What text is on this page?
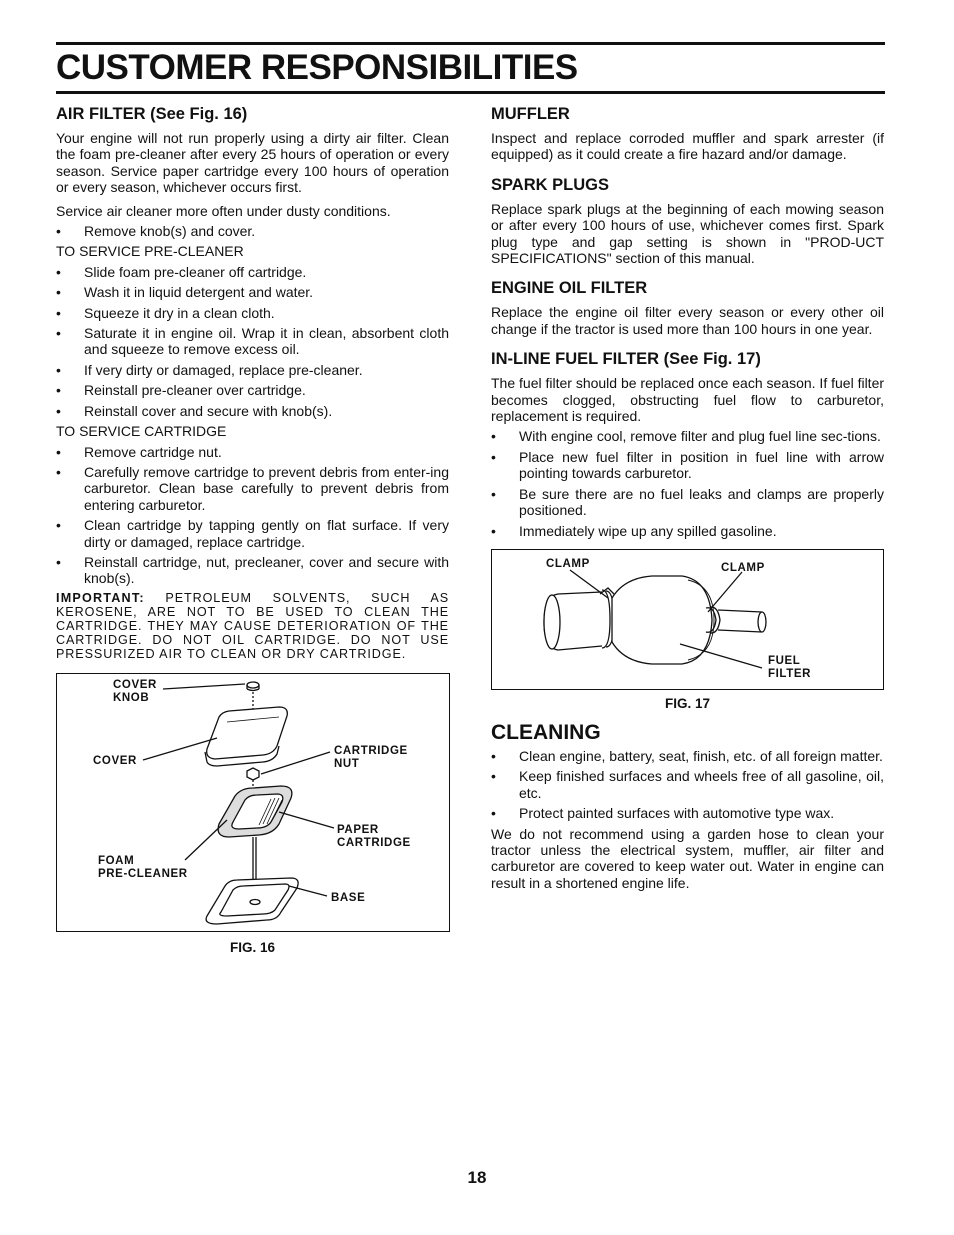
CUSTOMER RESPONSIBILITIES
AIR FILTER (See Fig. 16)

Your engine will not run properly using a dirty air filter. Clean the foam pre-cleaner after every 25 hours of operation or every season. Service paper cartridge every 100 hours of operation or every season, whichever occurs first.

Service air cleaner more often under dusty conditions.

• Remove knob(s) and cover.

TO SERVICE PRE-CLEANER

• Slide foam pre-cleaner off cartridge.
• Wash it in liquid detergent and water.
• Squeeze it dry in a clean cloth.
• Saturate it in engine oil. Wrap it in clean, absorbent cloth and squeeze to remove excess oil.
• If very dirty or damaged, replace pre-cleaner.
• Reinstall pre-cleaner over cartridge.
• Reinstall cover and secure with knob(s).

TO SERVICE CARTRIDGE

• Remove cartridge nut.
• Carefully remove cartridge to prevent debris from enter-ing carburetor. Clean base carefully to prevent debris from entering carburetor.
• Clean cartridge by tapping gently on flat surface. If very dirty or damaged, replace cartridge.
• Reinstall cartridge, nut, precleaner, cover and secure with knob(s).

IMPORTANT: PETROLEUM SOLVENTS, SUCH AS KEROSENE, ARE NOT TO BE USED TO CLEAN THE CARTRIDGE. THEY MAY CAUSE DETERIORATION OF THE CARTRIDGE. DO NOT OIL CARTRIDGE. DO NOT USE PRESSURIZED AIR TO CLEAN OR DRY CARTRIDGE.

COVER
KNOB
COVER
CARTRIDGE
NUT
PAPER
CARTRIDGE
FOAM
PRE-CLEANER
BASE
FIG. 16
MUFFLER

Inspect and replace corroded muffler and spark arrester (if equipped) as it could create a fire hazard and/or damage.

SPARK PLUGS

Replace spark plugs at the beginning of each mowing season or after every 100 hours of use, whichever comes first. Spark plug type and gap setting is shown in "PROD-UCT SPECIFICATIONS" section of this manual.

ENGINE OIL FILTER

Replace the engine oil filter every season or every other oil change if the tractor is used more than 100 hours in one year.

IN-LINE FUEL FILTER (See Fig. 17)

The fuel filter should be replaced once each season. If fuel filter becomes clogged, obstructing fuel flow to carburetor, replacement is required.

• With engine cool, remove filter and plug fuel line sec-tions.
• Place new fuel filter in position in fuel line with arrow pointing towards carburetor.
• Be sure there are no fuel leaks and clamps are properly positioned.
• Immediately wipe up any spilled gasoline.
CLAMP	CLAMP
FUEL
FILTER
FIG. 17
CLEANING
• Clean engine, battery, seat, finish, etc. of all foreign matter.
• Keep finished surfaces and wheels free of all gasoline, oil, etc.
• Protect painted surfaces with automotive type wax.

We do not recommend using a garden hose to clean your tractor unless the electrical system, muffler, air filter and carburetor are covered to keep water out. Water in engine can result in a shortened engine life.

18
